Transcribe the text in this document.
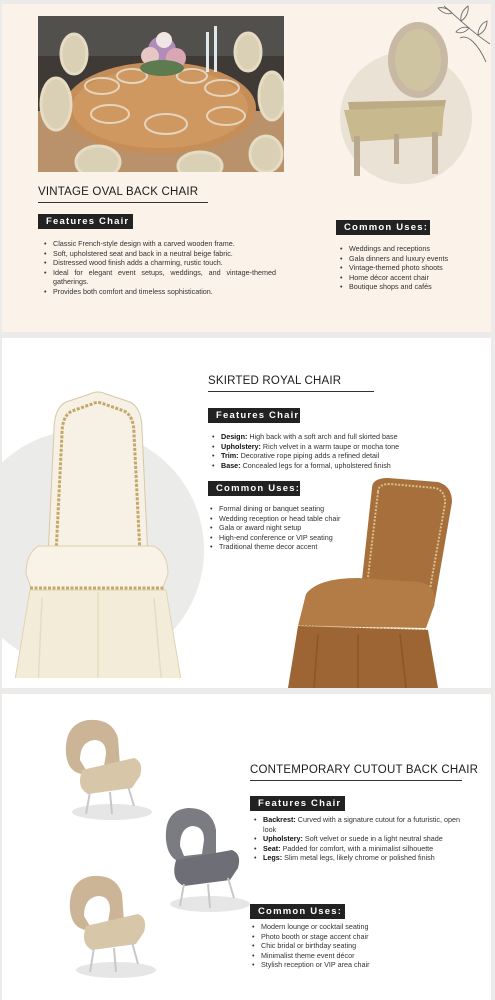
VINTAGE OVAL BACK CHAIR
Features Chair
• Classic French-style design with a carved wooden frame.
• Soft, upholstered seat and back in a neutral beige fabric.
• Distressed wood finish adds a charming, rustic touch.
• Ideal for elegant event setups, weddings, and vintage-themed gatherings.
• Provides both comfort and timeless sophistication.
Common Uses:
• Weddings and receptions
• Gala dinners and luxury events
• Vintage-themed photo shoots
• Home décor accent chair
• Boutique shops and cafés
SKIRTED ROYAL CHAIR
Features Chair
• Design: High back with a soft arch and full skirted base
• Upholstery: Rich velvet in a warm taupe or mocha tone
• Trim: Decorative rope piping adds a refined detail
• Base: Concealed legs for a formal, upholstered finish
Common Uses:
• Formal dining or banquet seating
• Wedding reception or head table chair
• Gala or award night setup
• High-end conference or VIP seating
• Traditional theme decor accent
CONTEMPORARY CUTOUT BACK CHAIR
Features Chair
• Backrest: Curved with a signature cutout for a futuristic, open look
• Upholstery: Soft velvet or suede in a light neutral shade
• Seat: Padded for comfort, with a minimalist silhouette
• Legs: Slim metal legs, likely chrome or polished finish
Common Uses:
• Modern lounge or cocktail seating
• Photo booth or stage accent chair
• Chic bridal or birthday seating
• Minimalist theme event décor
• Stylish reception or VIP area chair
